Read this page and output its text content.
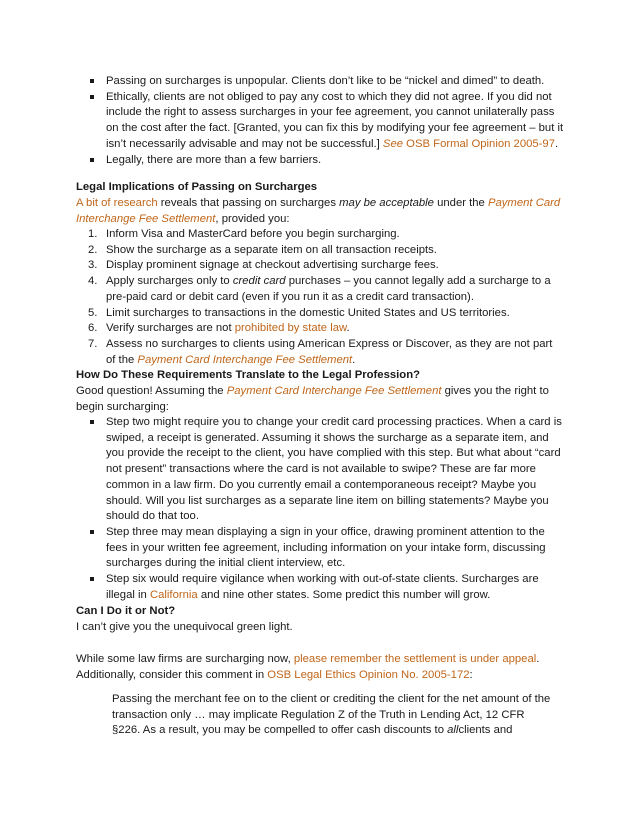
Passing on surcharges is unpopular. Clients don’t like to be “nickel and dimed” to death.
Ethically, clients are not obliged to pay any cost to which they did not agree. If you did not include the right to assess surcharges in your fee agreement, you cannot unilaterally pass on the cost after the fact. [Granted, you can fix this by modifying your fee agreement – but it isn’t necessarily advisable and may not be successful.] See OSB Formal Opinion 2005-97.
Legally, there are more than a few barriers.

Legal Implications of Passing on Surcharges

A bit of research reveals that passing on surcharges may be acceptable under the Payment Card Interchange Fee Settlement, provided you:

1. Inform Visa and MasterCard before you begin surcharging.
2. Show the surcharge as a separate item on all transaction receipts.
3. Display prominent signage at checkout advertising surcharge fees.
4. Apply surcharges only to credit card purchases – you cannot legally add a surcharge to a pre-paid card or debit card (even if you run it as a credit card transaction).
5. Limit surcharges to transactions in the domestic United States and US territories.
6. Verify surcharges are not prohibited by state law.
7. Assess no surcharges to clients using American Express or Discover, as they are not part of the Payment Card Interchange Fee Settlement.

How Do These Requirements Translate to the Legal Profession?

Good question! Assuming the Payment Card Interchange Fee Settlement gives you the right to begin surcharging:

Step two might require you to change your credit card processing practices. When a card is swiped, a receipt is generated. Assuming it shows the surcharge as a separate item, and you provide the receipt to the client, you have complied with this step. But what about “card not present” transactions where the card is not available to swipe? These are far more common in a law firm. Do you currently email a contemporaneous receipt? Maybe you should. Will you list surcharges as a separate line item on billing statements? Maybe you should do that too.
Step three may mean displaying a sign in your office, drawing prominent attention to the fees in your written fee agreement, including information on your intake form, discussing surcharges during the initial client interview, etc.
Step six would require vigilance when working with out-of-state clients. Surcharges are illegal in California and nine other states. Some predict this number will grow.

Can I Do it or Not?

I can’t give you the unequivocal green light.

While some law firms are surcharging now, please remember the settlement is under appeal. Additionally, consider this comment in OSB Legal Ethics Opinion No. 2005-172:

Passing the merchant fee on to the client or crediting the client for the net amount of the transaction only … may implicate Regulation Z of the Truth in Lending Act, 12 CFR §226. As a result, you may be compelled to offer cash discounts to allclients and
